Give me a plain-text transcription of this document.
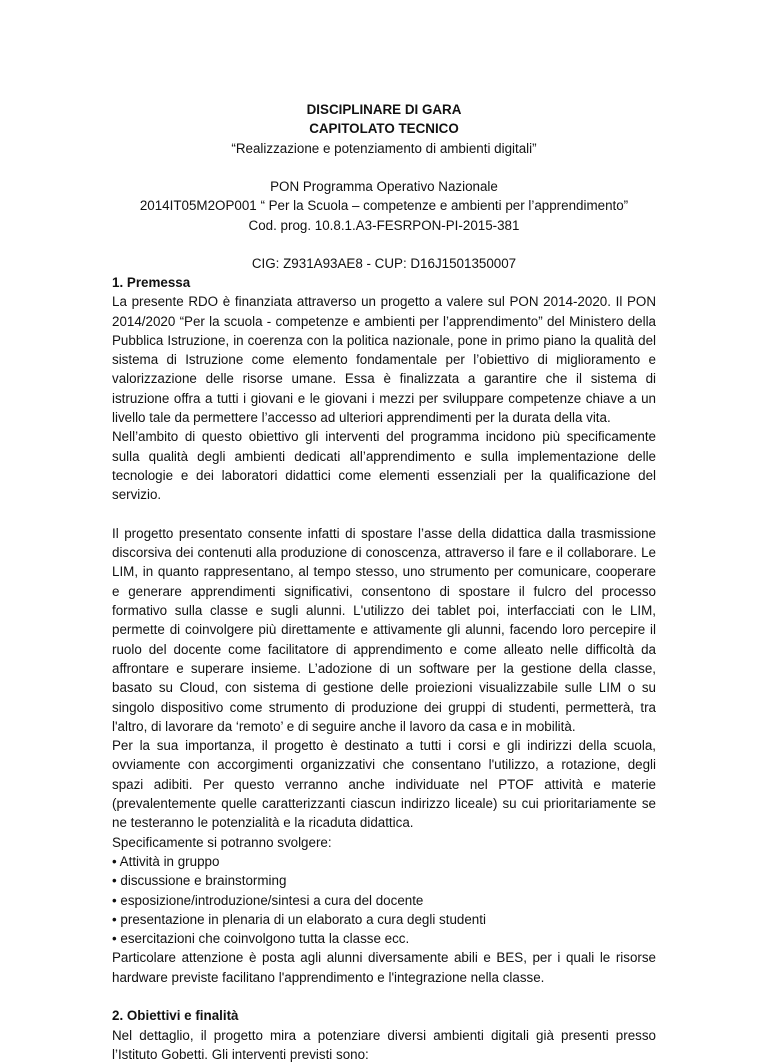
DISCIPLINARE DI GARA
CAPITOLATO TECNICO
“Realizzazione e potenziamento di ambienti digitali”
PON Programma Operativo Nazionale
2014IT05M2OP001 “ Per la Scuola – competenze e ambienti per l’apprendimento”
Cod. prog. 10.8.1.A3-FESRPON-PI-2015-381
CIG: Z931A93AE8 - CUP: D16J1501350007
1. Premessa
La presente RDO è finanziata attraverso un progetto a valere sul PON 2014-2020. Il PON 2014/2020 “Per la scuola - competenze e ambienti per l’apprendimento” del Ministero della Pubblica Istruzione, in coerenza con la politica nazionale, pone in primo piano la qualità del sistema di Istruzione come elemento fondamentale per l’obiettivo di miglioramento e valorizzazione delle risorse umane. Essa è finalizzata a garantire che il sistema di istruzione offra a tutti i giovani e le giovani i mezzi per sviluppare competenze chiave a un livello tale da permettere l’accesso ad ulteriori apprendimenti per la durata della vita.
Nell’ambito di questo obiettivo gli interventi del programma incidono più specificamente sulla qualità degli ambienti dedicati all’apprendimento e sulla implementazione delle tecnologie e dei laboratori didattici come elementi essenziali per la qualificazione del servizio.
Il progetto presentato consente infatti di spostare l’asse della didattica dalla trasmissione discorsiva dei contenuti alla produzione di conoscenza, attraverso il fare e il collaborare. Le LIM, in quanto rappresentano, al tempo stesso, uno strumento per comunicare, cooperare e generare apprendimenti significativi, consentono di spostare il fulcro del processo formativo sulla classe e sugli alunni. L'utilizzo dei tablet poi, interfacciati con le LIM, permette di coinvolgere più direttamente e attivamente gli alunni, facendo loro percepire il ruolo del docente come facilitatore di apprendimento e come alleato nelle difficoltà da affrontare e superare insieme. L’adozione di un software per la gestione della classe, basato su Cloud, con sistema di gestione delle proiezioni visualizzabile sulle LIM o su singolo dispositivo come strumento di produzione dei gruppi di studenti, permetterà, tra l'altro, di lavorare da ‘remoto’ e di seguire anche il lavoro da casa e in mobilità.
Per la sua importanza, il progetto è destinato a tutti i corsi e gli indirizzi della scuola, ovviamente con accorgimenti organizzativi che consentano l'utilizzo, a rotazione, degli spazi adibiti. Per questo verranno anche individuate nel PTOF attività e materie (prevalentemente quelle caratterizzanti ciascun indirizzo liceale) su cui prioritariamente se ne testeranno le potenzialità e la ricaduta didattica.
Specificamente si potranno svolgere:
• Attività in gruppo
• discussione e brainstorming
• esposizione/introduzione/sintesi a cura del docente
• presentazione in plenaria di un elaborato a cura degli studenti
• esercitazioni che coinvolgono tutta la classe ecc.
Particolare attenzione è posta agli alunni diversamente abili e BES, per i quali le risorse hardware previste facilitano l'apprendimento e l'integrazione nella classe.
2. Obiettivi e finalità
Nel dettaglio, il progetto mira a potenziare diversi ambienti digitali già presenti presso l’Istituto Gobetti. Gli interventi previsti sono:
